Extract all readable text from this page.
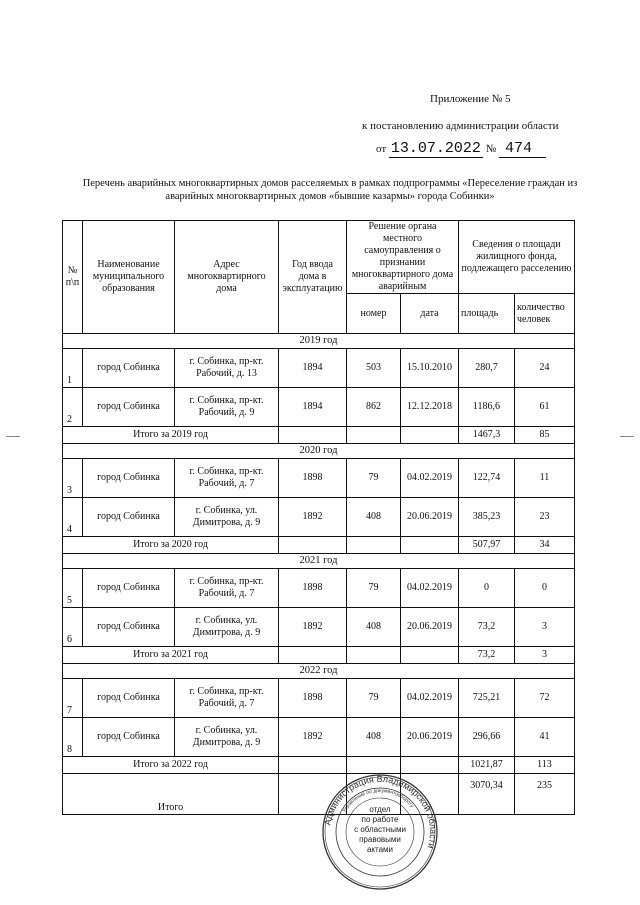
Приложение № 5
к постановлению администрации области
от 13.07.2022 № 474
Перечень аварийных многоквартирных домов расселяемых в рамках подпрограммы «Переселение граждан из аварийных многоквартирных домов «бывшие казармы» города Собинки»
№ п\п	Наименование муниципального образования	Адрес многоквартирного дома	Год ввода дома в эксплуатацию	Решение органа местного самоуправления о признании многоквартирного дома аварийным		Сведения о площади жилищного фонда, подлежащего расселению	
				номер	дата	площадь	количество человек
2019 год							
1	город Собинка	г. Собинка, пр-кт. Рабочий, д. 13	1894	503	15.10.2010	280,7	24
2	город Собинка	г. Собинка, пр-кт. Рабочий, д. 9	1894	862	12.12.2018	1186,6	61
Итого за 2019 год						1467,3	85
2020 год							
3	город Собинка	г. Собинка, пр-кт. Рабочий, д. 7	1898	79	04.02.2019	122,74	11
4	город Собинка	г. Собинка, ул. Димитрова, д. 9	1892	408	20.06.2019	385,23	23
Итого за 2020 год						507,97	34
2021 год							
5	город Собинка	г. Собинка, пр-кт. Рабочий, д. 7	1898	79	04.02.2019	0	0
6	город Собинка	г. Собинка, ул. Димитрова, д. 9	1892	408	20.06.2019	73,2	3
Итого за 2021 год						73,2	3
2022 год							
7	город Собинка	г. Собинка, пр-кт. Рабочий, д. 7	1898	79	04.02.2019	725,21	72
8	город Собинка	г. Собинка, ул. Димитрова, д. 9	1892	408	20.06.2019	296,66	41
Итого за 2022 год						1021,87	113
Итого						3070,34	235
Администрация Владимирской области
Управление по документообороту
отдел
по работе
с областными
правовыми
актами
